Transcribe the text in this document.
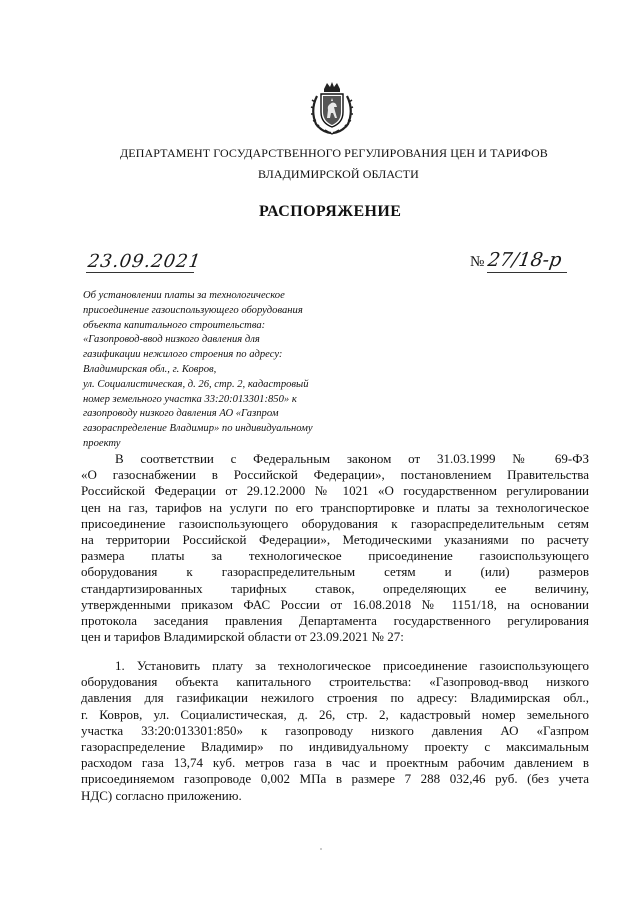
ДЕПАРТАМЕНТ ГОСУДАРСТВЕННОГО РЕГУЛИРОВАНИЯ ЦЕН И ТАРИФОВ
ВЛАДИМИРСКОЙ ОБЛАСТИ
РАСПОРЯЖЕНИЕ
23.09.2021	№ 27/18-р
Об установлении платы за технологическое
присоединение газоиспользующего оборудования
объекта капитального строительства:
«Газопровод-ввод низкого давления для
газификации нежилого строения по адресу:
Владимирская обл., г. Ковров,
ул. Социалистическая, д. 26, стр. 2, кадастровый
номер земельного участка 33:20:013301:850» к
газопроводу низкого давления АО «Газпром
газораспределение Владимир» по индивидуальному
проекту
В соответствии с Федеральным законом от 31.03.1999 № 69-ФЗ
«О газоснабжении в Российской Федерации», постановлением Правительства
Российской Федерации от 29.12.2000 № 1021 «О государственном регулировании
цен на газ, тарифов на услуги по его транспортировке и платы за технологическое
присоединение газоиспользующего оборудования к газораспределительным сетям
на территории Российской Федерации», Методическими указаниями по расчету
размера платы за технологическое присоединение газоиспользующего
оборудования к газораспределительным сетям и (или) размеров
стандартизированных тарифных ставок, определяющих ее величину,
утвержденными приказом ФАС России от 16.08.2018 № 1151/18, на основании
протокола заседания правления Департамента государственного регулирования
цен и тарифов Владимирской области от 23.09.2021 № 27:
1. Установить плату за технологическое присоединение газоиспользующего
оборудования объекта капитального строительства: «Газопровод-ввод низкого
давления для газификации нежилого строения по адресу: Владимирская обл.,
г. Ковров, ул. Социалистическая, д. 26, стр. 2, кадастровый номер земельного
участка 33:20:013301:850» к газопроводу низкого давления АО «Газпром
газораспределение Владимир» по индивидуальному проекту с максимальным
расходом газа 13,74 куб. метров газа в час и проектным рабочим давлением в
присоединяемом газопроводе 0,002 МПа в размере 7 288 032,46 руб. (без учета
НДС) согласно приложению.
